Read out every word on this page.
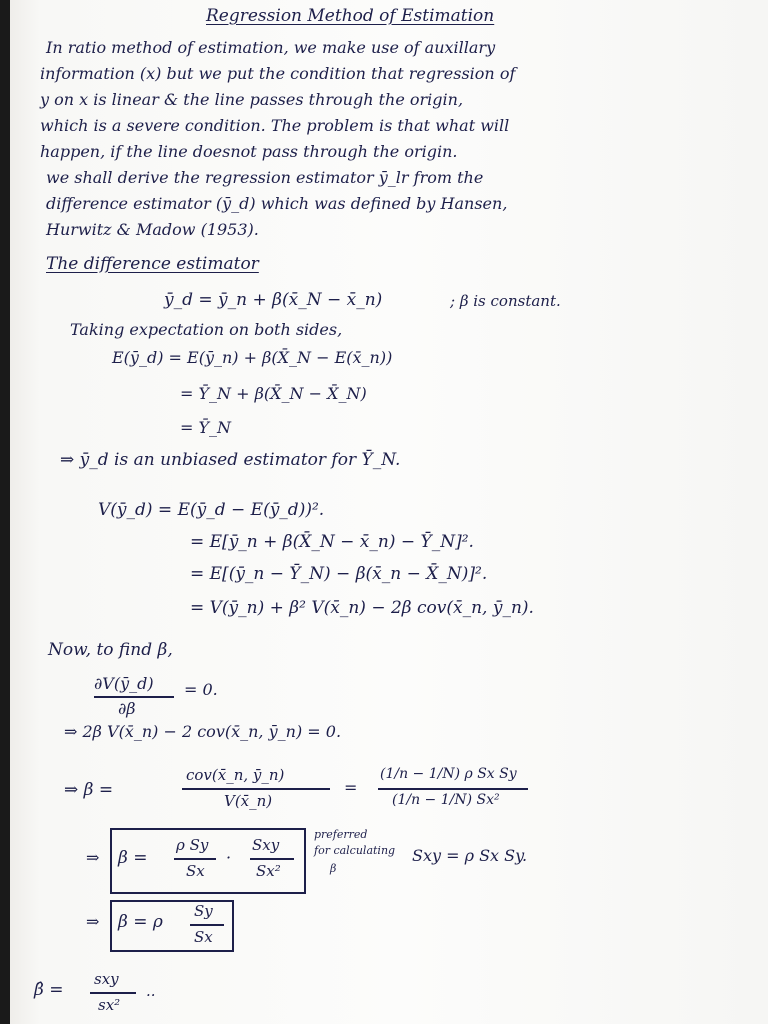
Regression Method of Estimation
In ratio method of estimation, we make use of auxillary
information (x) but we put the condition that regression of
y on x is linear & the line passes through the origin,
which is a severe condition. The problem is that what will
happen, if the line doesnot pass through the origin.
we shall derive the regression estimator ȳ_lr from the
difference estimator (ȳ_d) which was defined by Hansen,
Hurwitz & Madow (1953).
The difference estimator
ȳ_d = ȳ_n + β(x̄_N − x̄_n)	; β is constant.
Taking expectation on both sides,
E(ȳ_d) = E(ȳ_n) + β(X̄_N − E(x̄_n))
= Ȳ_N + β(X̄_N − X̄_N)
= Ȳ_N
⇒ ȳ_d is an unbiased estimator for Ȳ_N.
V(ȳ_d) = E(ȳ_d − E(ȳ_d))².
= E[ȳ_n + β(X̄_N − x̄_n) − Ȳ_N]².
= E[(ȳ_n − Ȳ_N) − β(x̄_n − X̄_N)]².
= V(ȳ_n) + β² V(x̄_n) − 2β cov(x̄_n, ȳ_n).
Now, to find β,
∂V(ȳ_d)
∂β
= 0.
⇒ 2β V(x̄_n) − 2 cov(x̄_n, ȳ_n) = 0.
⇒ β =
cov(x̄_n, ȳ_n)
V(x̄_n)
=
(1/n − 1/N) ρ Sx Sy
(1/n − 1/N) Sx²
⇒ β =
ρ Sy
Sx
·
Sxy
Sx²
preferred
for calculating
β
Sxy = ρ Sx Sy.
⇒ β = ρ
Sy
Sx
β̂ =
sxy
sx²
..
